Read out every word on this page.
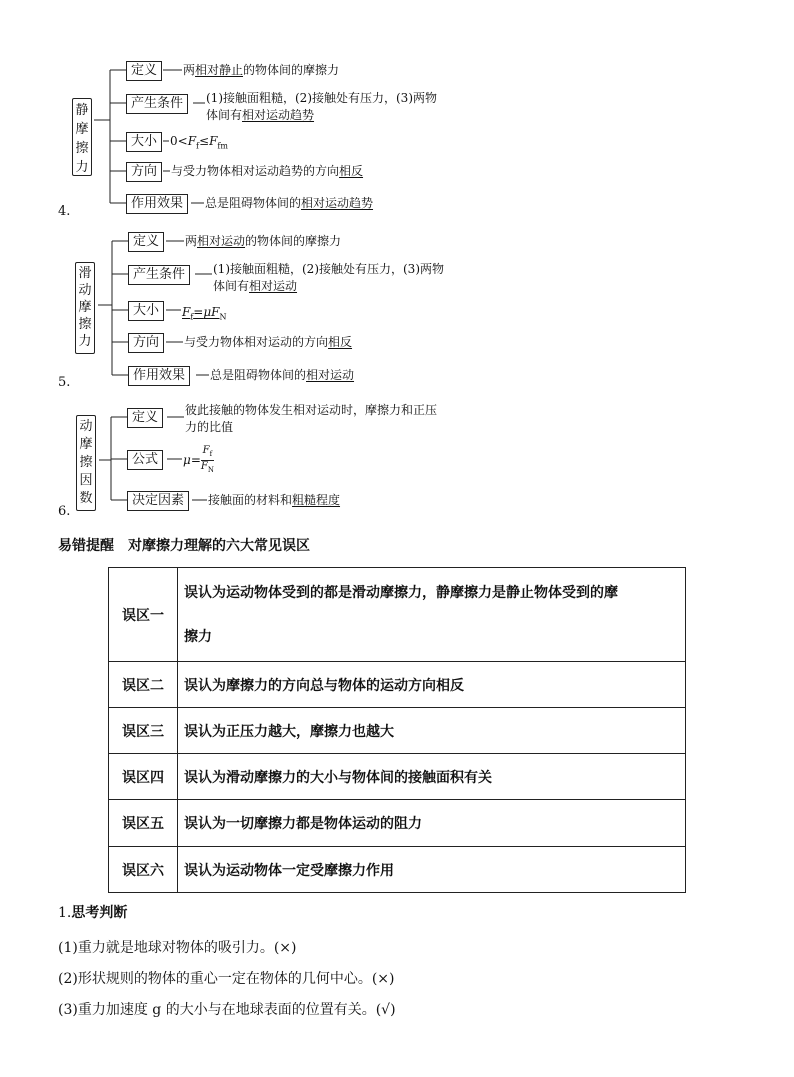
静摩擦力
定义	两相对静止的物体间的摩擦力
产生条件	(1)接触面粗糙，(2)接触处有压力，(3)两物
体间有相对运动趋势
大小	$0<F_f\le F_{fm}$
方向	与受力物体相对运动趋势的方向相反
作用效果	总是阻碍物体间的相对运动趋势
4.
滑动摩擦力
定义	两相对运动的物体间的摩擦力
产生条件	(1)接触面粗糙，(2)接触处有压力，(3)两物
体间有相对运动
大小	$F_f=\mu F_N$
方向	与受力物体相对运动的方向相反
作用效果	总是阻碍物体间的相对运动
5.
动摩擦因数
定义	彼此接触的物体发生相对运动时，摩擦力和正压
力的比值
公式	$\mu= \frac{F_f}{F_N}$
决定因素	接触面的材料和粗糙程度
6.
易错提醒　对摩擦力理解的六大常见误区
误区一	误认为运动物体受到的都是滑动摩擦力，静摩擦力是静止物体受到的摩
擦力

误区二	误认为摩擦力的方向总与物体的运动方向相反
误区三	误认为正压力越大，摩擦力也越大
误区四	误认为滑动摩擦力的大小与物体间的接触面积有关
误区五	误认为一切摩擦力都是物体运动的阻力
误区六	误认为运动物体一定受摩擦力作用
1.思考判断
(1)重力就是地球对物体的吸引力。(×)
(2)形状规则的物体的重心一定在物体的几何中心。(×)
(3)重力加速度 g 的大小与在地球表面的位置有关。(√)
